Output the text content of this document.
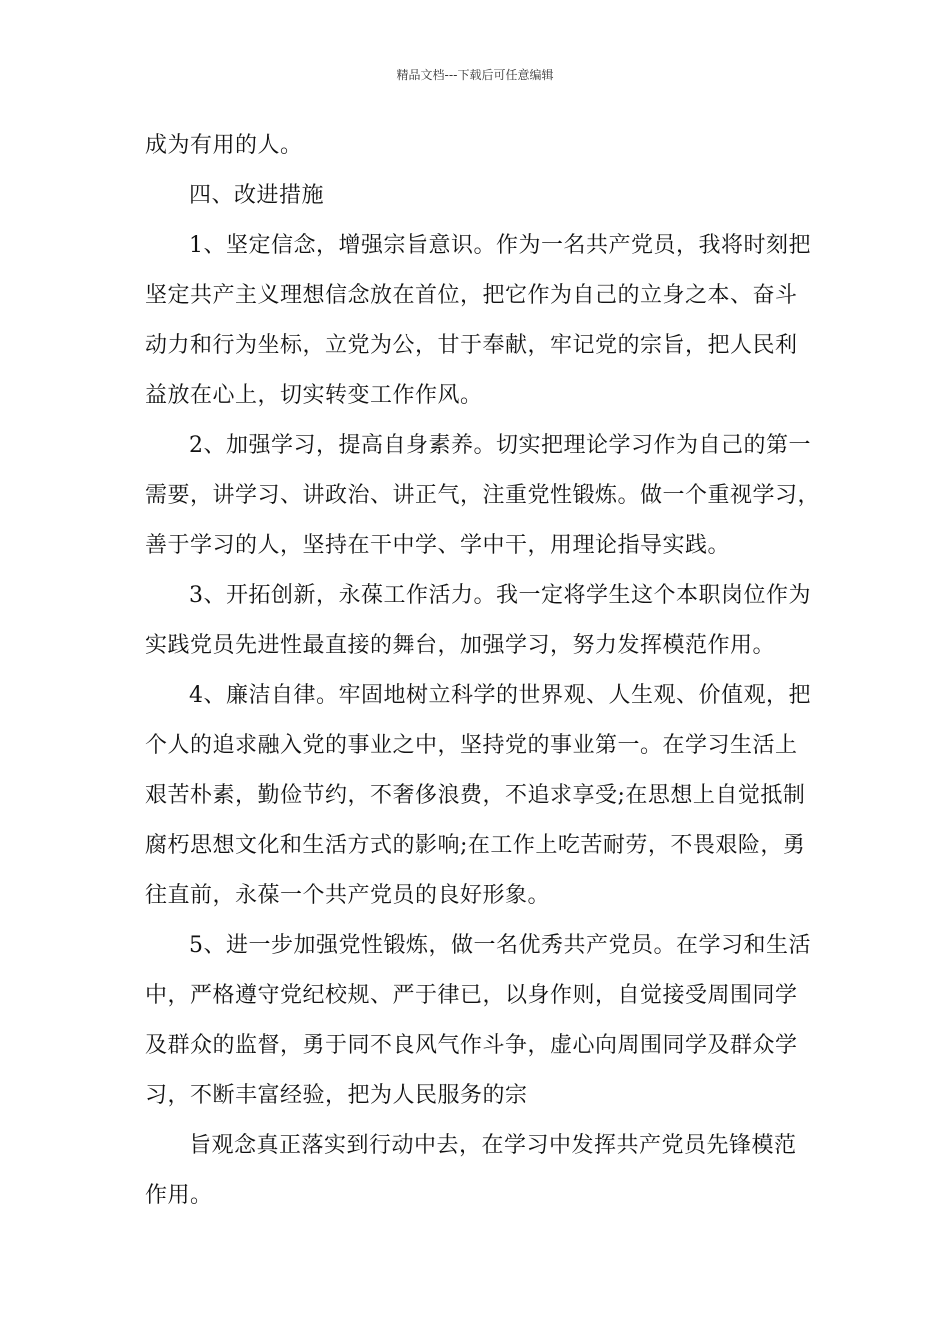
精品文档---下载后可任意编辑
成为有用的人。
四、改进措施
1、坚定信念，增强宗旨意识。作为一名共产党员，我将时刻把
坚定共产主义理想信念放在首位，把它作为自己的立身之本、奋斗
动力和行为坐标，立党为公，甘于奉献，牢记党的宗旨，把人民利
益放在心上，切实转变工作作风。
2、加强学习，提高自身素养。切实把理论学习作为自己的第一
需要，讲学习、讲政治、讲正气，注重党性锻炼。做一个重视学习，
善于学习的人，坚持在干中学、学中干，用理论指导实践。
3、开拓创新，永葆工作活力。我一定将学生这个本职岗位作为
实践党员先进性最直接的舞台，加强学习，努力发挥模范作用。
4、廉洁自律。牢固地树立科学的世界观、人生观、价值观，把
个人的追求融入党的事业之中，坚持党的事业第一。在学习生活上
艰苦朴素，勤俭节约，不奢侈浪费，不追求享受;在思想上自觉抵制
腐朽思想文化和生活方式的影响;在工作上吃苦耐劳，不畏艰险，勇
往直前，永葆一个共产党员的良好形象。
5、进一步加强党性锻炼，做一名优秀共产党员。在学习和生活
中，严格遵守党纪校规、严于律已，以身作则，自觉接受周围同学
及群众的监督，勇于同不良风气作斗争，虚心向周围同学及群众学
习，不断丰富经验，把为人民服务的宗
旨观念真正落实到行动中去，在学习中发挥共产党员先锋模范
作用。
